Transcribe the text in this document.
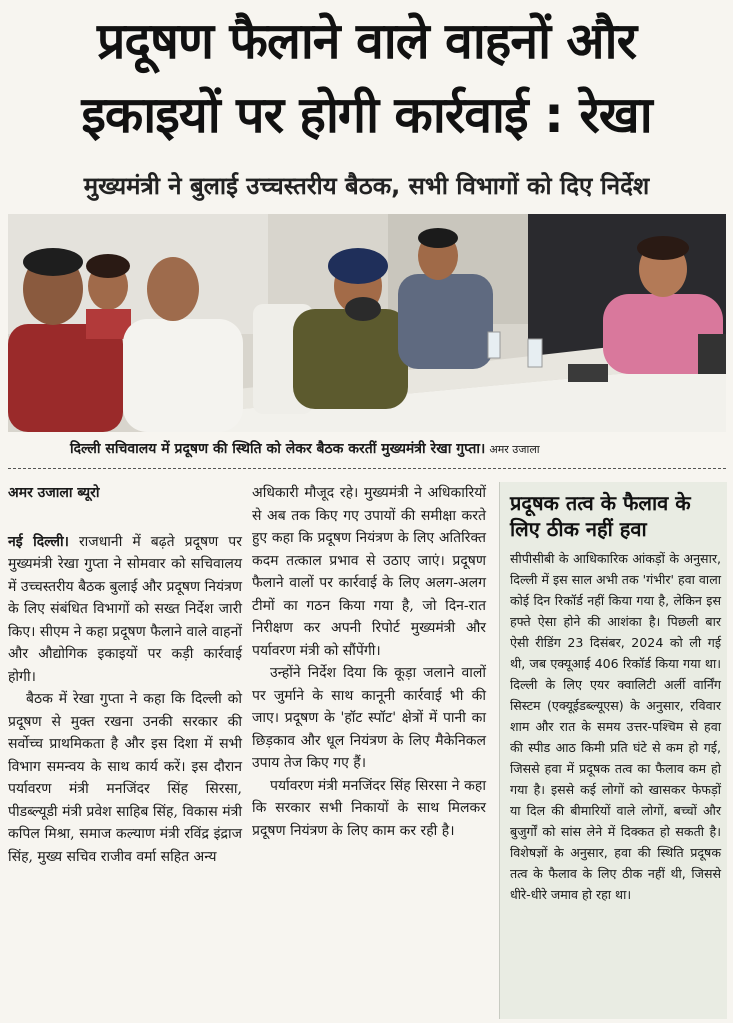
प्रदूषण फैलाने वाले वाहनों और
इकाइयों पर होगी कार्रवाई : रेखा
मुख्यमंत्री ने बुलाई उच्चस्तरीय बैठक, सभी विभागों को दिए निर्देश
दिल्ली सचिवालय में प्रदूषण की स्थिति को लेकर बैठक करतीं मुख्यमंत्री रेखा गुप्ता। अमर उजाला
अमर उजाला ब्यूरो

नई दिल्ली। राजधानी में बढ़ते प्रदूषण पर मुख्यमंत्री रेखा गुप्ता ने सोमवार को सचिवालय में उच्चस्तरीय बैठक बुलाई और प्रदूषण नियंत्रण के लिए संबंधित विभागों को सख्त निर्देश जारी किए। सीएम ने कहा प्रदूषण फैलाने वाले वाहनों और औद्योगिक इकाइयों पर कड़ी कार्रवाई होगी।

बैठक में रेखा गुप्ता ने कहा कि दिल्ली को प्रदूषण से मुक्त रखना उनकी सरकार की सर्वोच्च प्राथमिकता है और इस दिशा में सभी विभाग समन्वय के साथ कार्य करें। इस दौरान पर्यावरण मंत्री मनजिंदर सिंह सिरसा, पीडब्ल्यूडी मंत्री प्रवेश साहिब सिंह, विकास मंत्री कपिल मिश्रा, समाज कल्याण मंत्री रविंद्र इंद्राज सिंह, मुख्य सचिव राजीव वर्मा सहित अन्य

अधिकारी मौजूद रहे। मुख्यमंत्री ने अधिकारियों से अब तक किए गए उपायों की समीक्षा करते हुए कहा कि प्रदूषण नियंत्रण के लिए अतिरिक्त कदम तत्काल प्रभाव से उठाए जाएं। प्रदूषण फैलाने वालों पर कार्रवाई के लिए अलग-अलग टीमों का गठन किया गया है, जो दिन-रात निरीक्षण कर अपनी रिपोर्ट मुख्यमंत्री और पर्यावरण मंत्री को सौंपेंगी।

उन्होंने निर्देश दिया कि कूड़ा जलाने वालों पर जुर्माने के साथ कानूनी कार्रवाई भी की जाए। प्रदूषण के 'हॉट स्पॉट' क्षेत्रों में पानी का छिड़काव और धूल नियंत्रण के लिए मैकेनिकल उपाय तेज किए गए हैं।

पर्यावरण मंत्री मनजिंदर सिंह सिरसा ने कहा कि सरकार सभी निकायों के साथ मिलकर प्रदूषण नियंत्रण के लिए काम कर रही है।

प्रदूषक तत्व के फैलाव के लिए ठीक नहीं हवा
सीपीसीबी के आधिकारिक आंकड़ों के अनुसार, दिल्ली में इस साल अभी तक 'गंभीर' हवा वाला कोई दिन रिकॉर्ड नहीं किया गया है, लेकिन इस हफ्ते ऐसा होने की आशंका है। पिछली बार ऐसी रीडिंग 23 दिसंबर, 2024 को ली गई थी, जब एक्यूआई 406 रिकॉर्ड किया गया था। दिल्ली के लिए एयर क्वालिटी अर्ली वार्निंग सिस्टम (एक्यूईडब्ल्यूएस) के अनुसार, रविवार शाम और रात के समय उत्तर-पश्चिम से हवा की स्पीड आठ किमी प्रति घंटे से कम हो गई, जिससे हवा में प्रदूषक तत्व का फैलाव कम हो गया है। इससे कई लोगों को खासकर फेफड़ों या दिल की बीमारियों वाले लोगों, बच्चों और बुजुर्गों को सांस लेने में दिक्कत हो सकती है। विशेषज्ञों के अनुसार, हवा की स्थिति प्रदूषक तत्व के फैलाव के लिए ठीक नहीं थी, जिससे धीरे-धीरे जमाव हो रहा था।
